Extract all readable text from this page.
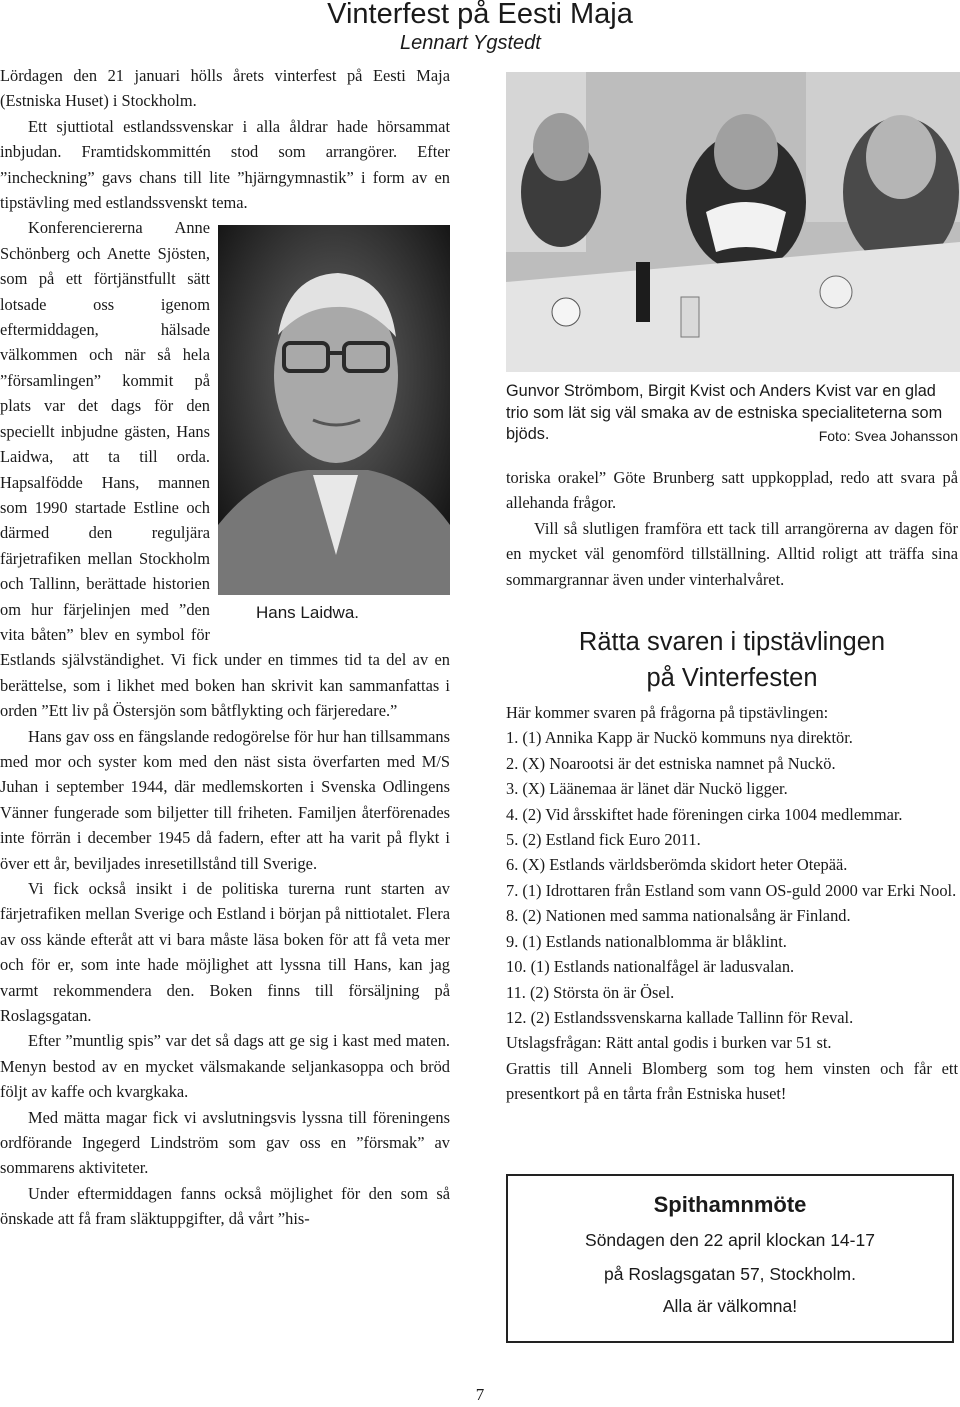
Vinterfest på Eesti Maja
Lennart Ygstedt

Lördagen den 21 januari hölls årets vinterfest på Eesti Maja (Estniska Huset) i Stockholm.

Ett sjuttiotal estlandssvenskar i alla åldrar hade hörsammat inbjudan. Framtidskommittén stod som arrangörer. Efter ”incheckning” gavs chans till lite ”hjärngymnastik” i form av en tipstävling med estlandssvenskt tema.

Hans Laidwa.
Konferenciererna Anne Schönberg och Anette Sjösten, som på ett förtjänstfullt sätt lotsade oss igenom eftermiddagen, hälsade välkommen och när så hela ”församlingen” kommit på plats var det dags för den speciellt inbjudne gästen, Hans Laidwa, att ta till orda. Hapsalfödde Hans, mannen som 1990 startade Estline och därmed den reguljära färjetrafiken mellan Stockholm och Tallinn, berättade historien om hur färjelinjen med ”den vita båten” blev en symbol för Estlands självständighet. Vi fick under en timmes tid ta del av en berättelse, som i likhet med boken han skrivit kan sammanfattas i orden ”Ett liv på Östersjön som båtflykting och färjeredare.”

Hans gav oss en fängslande redogörelse för hur han tillsammans med mor och syster kom med den näst sista överfarten med M/S Juhan i september 1944, där medlemskorten i Svenska Odlingens Vänner fungerade som biljetter till friheten. Familjen återförenades inte förrän i december 1945 då fadern, efter att ha varit på flykt i över ett år, beviljades inresetillstånd till Sverige.

Vi fick också insikt i de politiska turerna runt starten av färjetrafiken mellan Sverige och Estland i början på nittiotalet. Flera av oss kände efteråt att vi bara måste läsa boken för att få veta mer och för er, som inte hade möjlighet att lyssna till Hans, kan jag varmt rekommendera den. Boken finns till försäljning på Roslagsgatan.

Efter ”muntlig spis” var det så dags att ge sig i kast med maten. Menyn bestod av en mycket välsmakande seljankasoppa och bröd följt av kaffe och kvargkaka.

Med mätta magar fick vi avslutningsvis lyssna till föreningens ordförande Ingegerd Lindström som gav oss en ”försmak” av sommarens aktiviteter.

Under eftermiddagen fanns också möjlighet för den som så önskade att få fram släktuppgifter, då vårt ”his-

Gunvor Strömbom, Birgit Kvist och Anders Kvist var en glad trio som lät sig väl smaka av de estniska specialiteterna som bjöds.	Foto: Svea Johansson

toriska orakel” Göte Brunberg satt uppkopplad, redo att svara på allehanda frågor.

Vill så slutligen framföra ett tack till arrangörerna av dagen för en mycket väl genomförd tillställning. Alltid roligt att träffa sina sommargrannar även under vinterhalvåret.

Rätta svaren i tipstävlingen
på Vinterfesten

Här kommer svaren på frågorna på tipstävlingen:

1. (1) Annika Kapp är Nuckö kommuns nya direktör.

2. (X) Noarootsi är det estniska namnet på Nuckö.

3. (X) Läänemaa är länet där Nuckö ligger.

4. (2) Vid årsskiftet hade föreningen cirka 1004 medlemmar.

5. (2) Estland fick Euro 2011.

6. (X) Estlands världsberömda skidort heter Otepää.

7. (1) Idrottaren från Estland som vann OS-guld 2000 var Erki Nool.

8. (2) Nationen med samma nationalsång är Finland.

9. (1) Estlands nationalblomma är blåklint.

10. (1) Estlands nationalfågel är ladusvalan.

11. (2) Största ön är Ösel.

12. (2) Estlandssvenskarna kallade Tallinn för Reval.

Utslagsfrågan: Rätt antal godis i burken var 51 st.

Grattis till Anneli Blomberg som tog hem vinsten och får ett presentkort på en tårta från Estniska huset!

Spithamnmöte
Söndagen den 22 april klockan 14-17
på Roslagsgatan 57, Stockholm.
Alla är välkomna!
7
